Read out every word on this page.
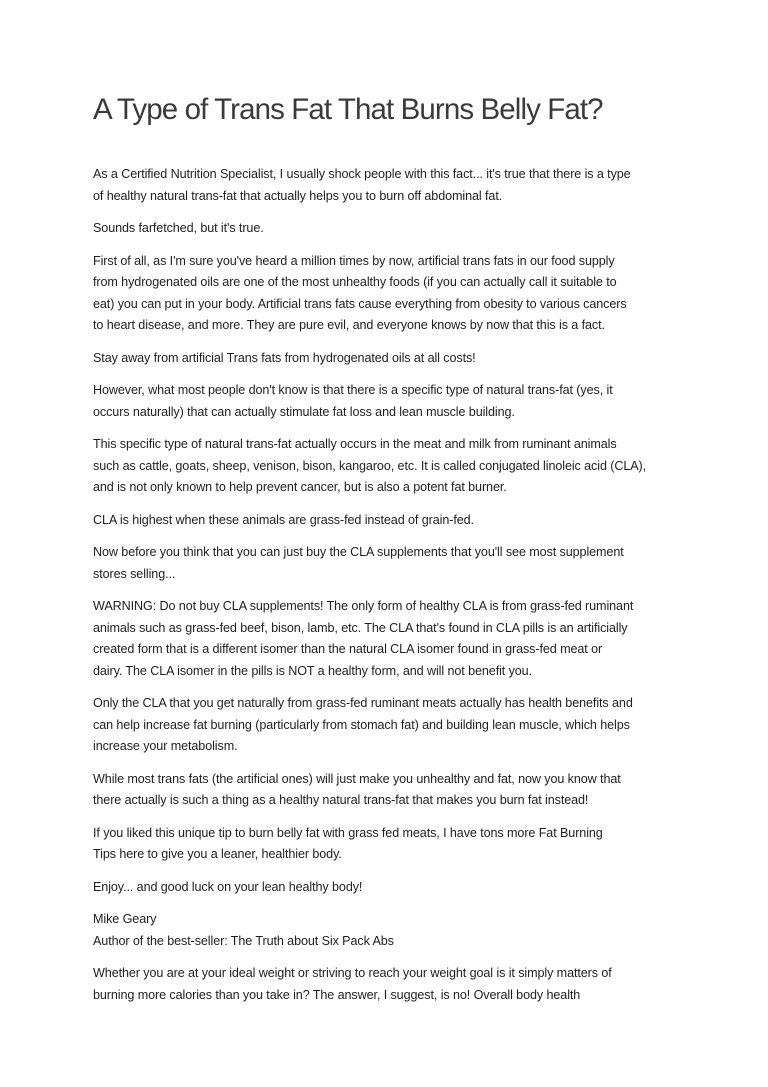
A Type of Trans Fat That Burns Belly Fat?

As a Certified Nutrition Specialist, I usually shock people with this fact... it's true that there is a type
of healthy natural trans-fat that actually helps you to burn off abdominal fat.

Sounds farfetched, but it's true.

First of all, as I'm sure you've heard a million times by now, artificial trans fats in our food supply
from hydrogenated oils are one of the most unhealthy foods (if you can actually call it suitable to
eat) you can put in your body. Artificial trans fats cause everything from obesity to various cancers
to heart disease, and more. They are pure evil, and everyone knows by now that this is a fact.

Stay away from artificial Trans fats from hydrogenated oils at all costs!

However, what most people don't know is that there is a specific type of natural trans-fat (yes, it
occurs naturally) that can actually stimulate fat loss and lean muscle building.

This specific type of natural trans-fat actually occurs in the meat and milk from ruminant animals
such as cattle, goats, sheep, venison, bison, kangaroo, etc. It is called conjugated linoleic acid (CLA),
and is not only known to help prevent cancer, but is also a potent fat burner.

CLA is highest when these animals are grass-fed instead of grain-fed.

Now before you think that you can just buy the CLA supplements that you'll see most supplement
stores selling...

WARNING: Do not buy CLA supplements! The only form of healthy CLA is from grass-fed ruminant
animals such as grass-fed beef, bison, lamb, etc. The CLA that's found in CLA pills is an artificially
created form that is a different isomer than the natural CLA isomer found in grass-fed meat or
dairy. The CLA isomer in the pills is NOT a healthy form, and will not benefit you.

Only the CLA that you get naturally from grass-fed ruminant meats actually has health benefits and
can help increase fat burning (particularly from stomach fat) and building lean muscle, which helps
increase your metabolism.

While most trans fats (the artificial ones) will just make you unhealthy and fat, now you know that
there actually is such a thing as a healthy natural trans-fat that makes you burn fat instead!

If you liked this unique tip to burn belly fat with grass fed meats, I have tons more Fat Burning
Tips here to give you a leaner, healthier body.

Enjoy... and good luck on your lean healthy body!

Mike Geary
Author of the best-seller: The Truth about Six Pack Abs

Whether you are at your ideal weight or striving to reach your weight goal is it simply matters of
burning more calories than you take in? The answer, I suggest, is no! Overall body health
